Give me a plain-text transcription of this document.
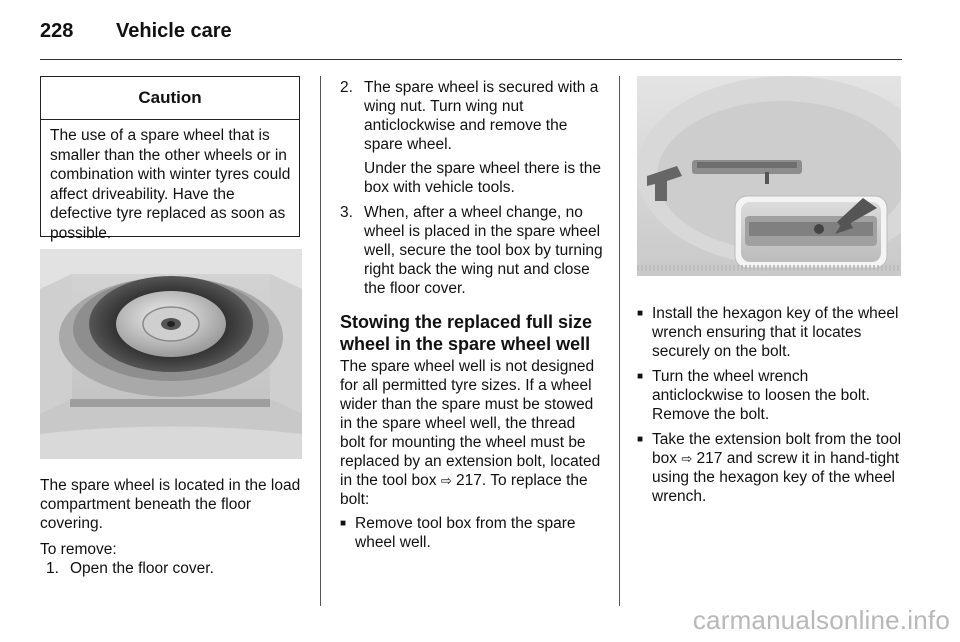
228 Vehicle care
Caution
The use of a spare wheel that is smaller than the other wheels or in combination with winter tyres could affect driveability. Have the defective tyre replaced as soon as possible.

The spare wheel is located in the load compartment beneath the floor covering.

To remove:

1. Open the floor cover.
2. The spare wheel is secured with a wing nut. Turn wing nut anticlockwise and remove the spare wheel.

Under the spare wheel there is the box with vehicle tools.

3. When, after a wheel change, no wheel is placed in the spare wheel well, secure the tool box by turning right back the wing nut and close the floor cover.

Stowing the replaced full size wheel in the spare wheel well

The spare wheel well is not designed for all permitted tyre sizes. If a wheel wider than the spare must be stowed in the spare wheel well, the thread bolt for mounting the wheel must be replaced by an extension bolt, located in the tool box ⇨ 217. To replace the bolt:

■ Remove tool box from the spare wheel well.
■ Install the hexagon key of the wheel wrench ensuring that it locates securely on the bolt.
■ Turn the wheel wrench anticlockwise to loosen the bolt. Remove the bolt.
■ Take the extension bolt from the tool box ⇨ 217 and screw it in hand-tight using the hexagon key of the wheel wrench.
carmanualsonline.info
